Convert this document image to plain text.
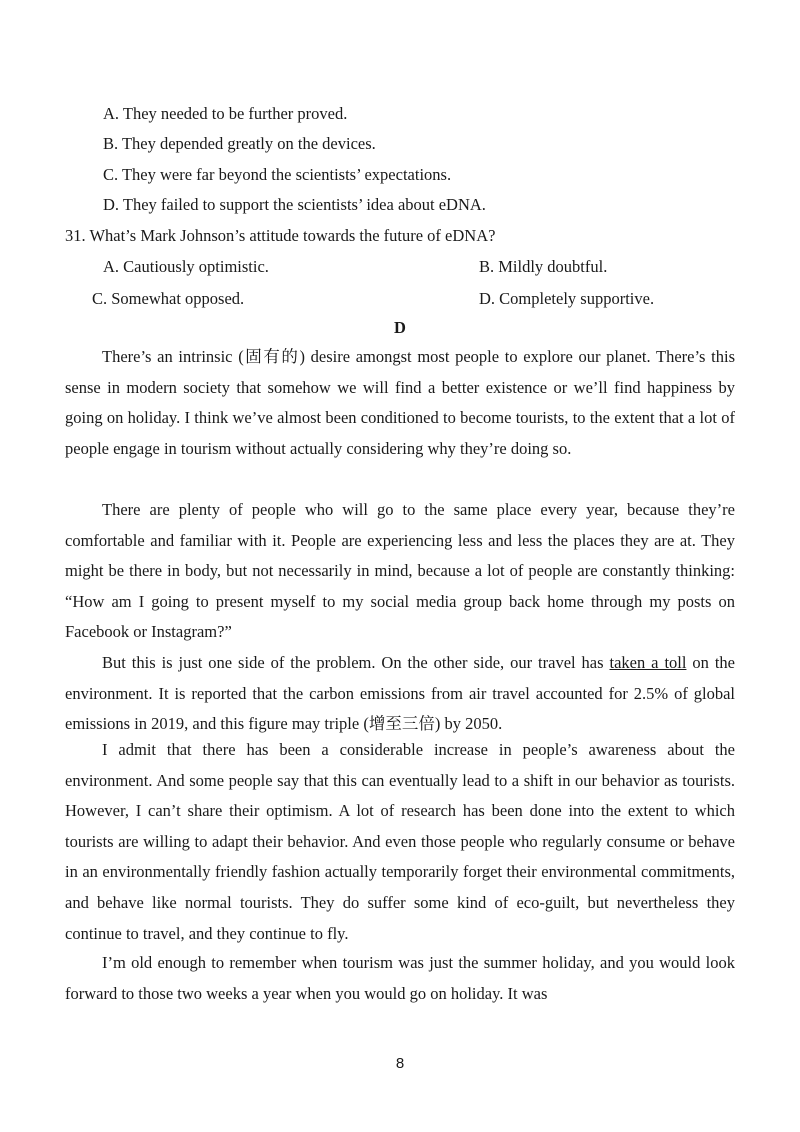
A. They needed to be further proved.
B. They depended greatly on the devices.
C. They were far beyond the scientists’ expectations.
D. They failed to support the scientists’ idea about eDNA.
31. What’s Mark Johnson’s attitude towards the future of eDNA?
A. Cautiously optimistic.	B. Mildly doubtful.
C. Somewhat opposed.	D. Completely supportive.
D

There’s an intrinsic (固有的) desire amongst most people to explore our planet. There’s this sense in modern society that somehow we will find a better existence or we’ll find happiness by going on holiday. I think we’ve almost been conditioned to become tourists, to the extent that a lot of people engage in tourism without actually considering why they’re doing so.

There are plenty of people who will go to the same place every year, because they’re comfortable and familiar with it. People are experiencing less and less the places they are at. They might be there in body, but not necessarily in mind, because a lot of people are constantly thinking: “How am I going to present myself to my social media group back home through my posts on Facebook or Instagram?”

But this is just one side of the problem. On the other side, our travel has taken a toll on the environment. It is reported that the carbon emissions from air travel accounted for 2.5% of global emissions in 2019, and this figure may triple (增至三倍) by 2050.

I admit that there has been a considerable increase in people’s awareness about the environment. And some people say that this can eventually lead to a shift in our behavior as tourists. However, I can’t share their optimism. A lot of research has been done into the extent to which tourists are willing to adapt their behavior. And even those people who regularly consume or behave in an environmentally friendly fashion actually temporarily forget their environmental commitments, and behave like normal tourists. They do suffer some kind of eco-guilt, but nevertheless they continue to travel, and they continue to fly.

I’m old enough to remember when tourism was just the summer holiday, and you would look forward to those two weeks a year when you would go on holiday. It was

8
